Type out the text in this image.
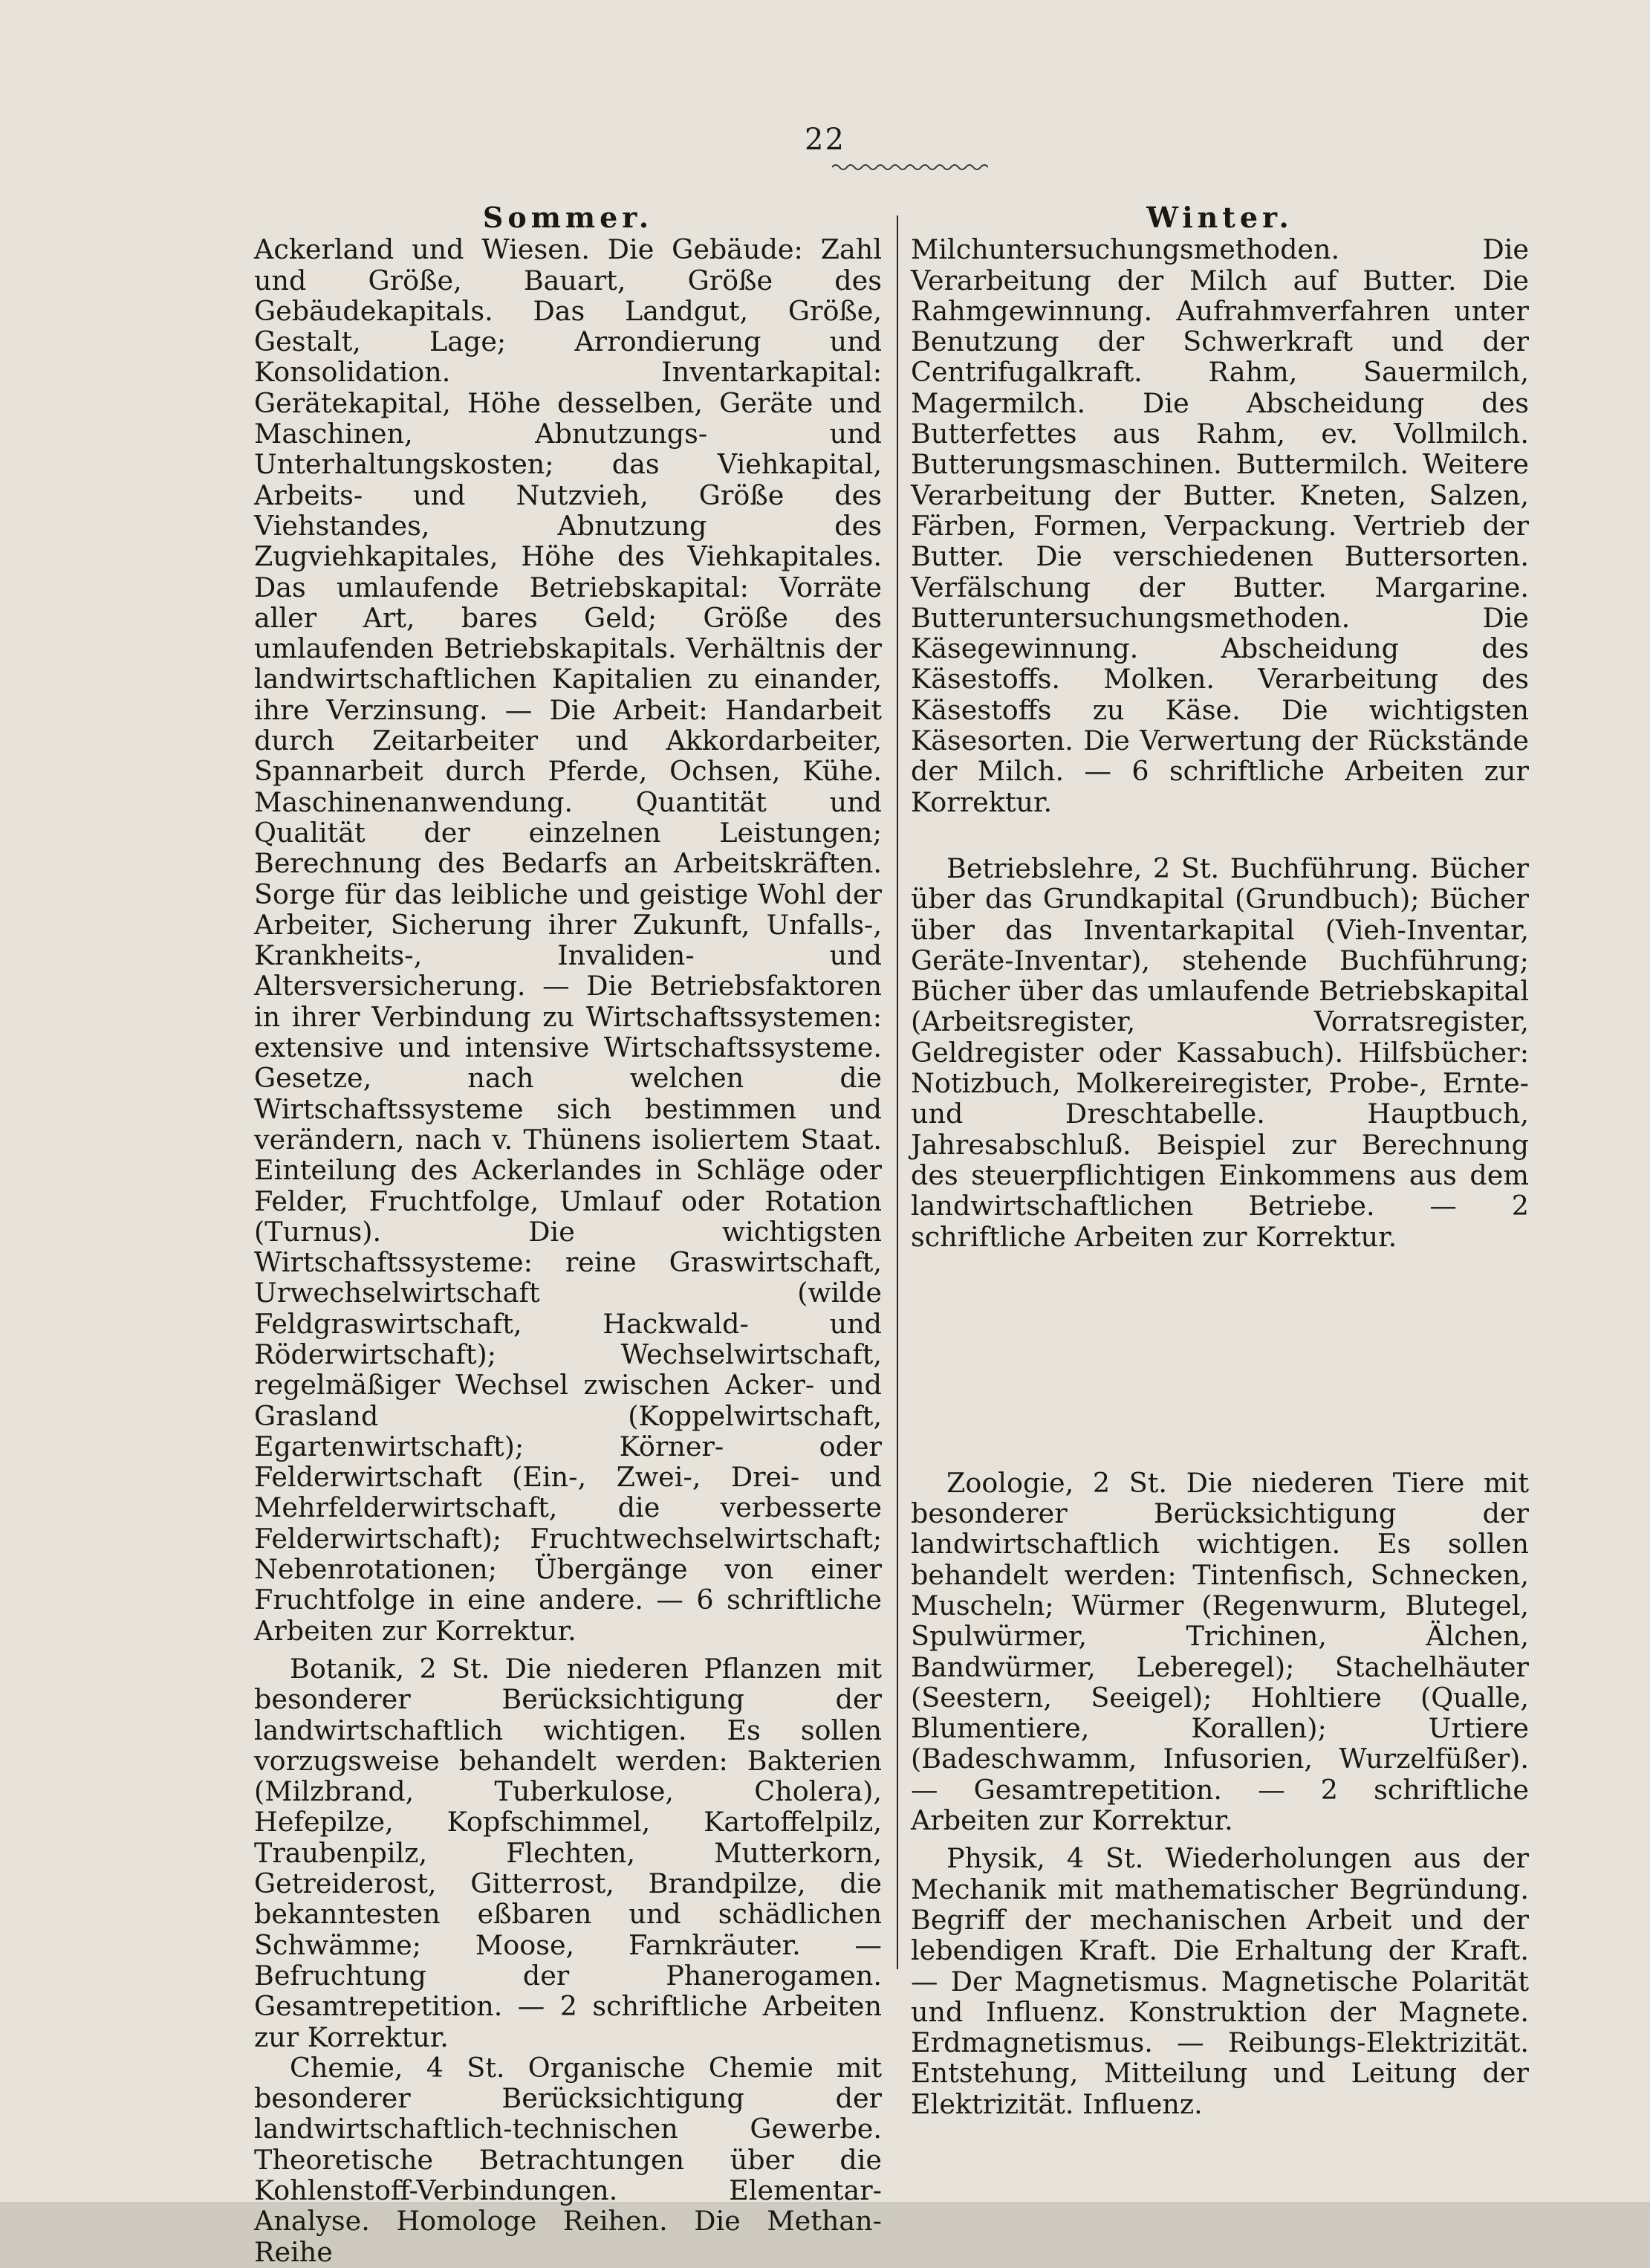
22
Sommer.

Ackerland und Wiesen. Die Gebäude: Zahl und Größe, Bauart, Größe des Gebäudekapitals. Das Landgut, Größe, Gestalt, Lage; Arrondierung und Konsolidation. Inventarkapital: Gerätekapital, Höhe desselben, Geräte und Maschinen, Abnutzungs- und Unterhaltungskosten; das Viehkapital, Arbeits- und Nutzvieh, Größe des Viehstandes, Abnutzung des Zugviehkapitales, Höhe des Viehkapitales. Das umlaufende Betriebskapital: Vorräte aller Art, bares Geld; Größe des umlaufenden Betriebskapitals. Verhältnis der landwirtschaftlichen Kapitalien zu einander, ihre Verzinsung. — Die Arbeit: Handarbeit durch Zeitarbeiter und Akkordarbeiter, Spannarbeit durch Pferde, Ochsen, Kühe. Maschinenanwendung. Quantität und Qualität der einzelnen Leistungen; Berechnung des Bedarfs an Arbeitskräften. Sorge für das leibliche und geistige Wohl der Arbeiter, Sicherung ihrer Zukunft, Unfalls-, Krankheits-, Invaliden- und Altersversicherung. — Die Betriebsfaktoren in ihrer Verbindung zu Wirtschaftssystemen: extensive und intensive Wirtschaftssysteme. Gesetze, nach welchen die Wirtschaftssysteme sich bestimmen und verändern, nach v. Thünens isoliertem Staat. Einteilung des Ackerlandes in Schläge oder Felder, Fruchtfolge, Umlauf oder Rotation (Turnus). Die wichtigsten Wirtschaftssysteme: reine Graswirtschaft, Urwechselwirtschaft (wilde Feldgraswirtschaft, Hackwald- und Röderwirtschaft); Wechselwirtschaft, regelmäßiger Wechsel zwischen Acker- und Grasland (Koppelwirtschaft, Egartenwirtschaft); Körner- oder Felderwirtschaft (Ein-, Zwei-, Drei- und Mehrfelderwirtschaft, die verbesserte Felderwirtschaft); Fruchtwechselwirtschaft; Nebenrotationen; Übergänge von einer Fruchtfolge in eine andere. — 6 schriftliche Arbeiten zur Korrektur.

Botanik, 2 St. Die niederen Pflanzen mit besonderer Berücksichtigung der landwirtschaftlich wichtigen. Es sollen vorzugsweise behandelt werden: Bakterien (Milzbrand, Tuberkulose, Cholera), Hefepilze, Kopfschimmel, Kartoffelpilz, Traubenpilz, Flechten, Mutterkorn, Getreiderost, Gitterrost, Brandpilze, die bekanntesten eßbaren und schädlichen Schwämme; Moose, Farnkräuter. — Befruchtung der Phanerogamen. Gesamtrepetition. — 2 schriftliche Arbeiten zur Korrektur.

Chemie, 4 St. Organische Chemie mit besonderer Berücksichtigung der landwirtschaftlich-technischen Gewerbe. Theoretische Betrachtungen über die Kohlenstoff-Verbindungen. Elementar-Analyse. Homologe Reihen. Die Methan-Reihe

Winter.

Milchuntersuchungsmethoden. Die Verarbeitung der Milch auf Butter. Die Rahmgewinnung. Aufrahmverfahren unter Benutzung der Schwerkraft und der Centrifugalkraft. Rahm, Sauermilch, Magermilch. Die Abscheidung des Butterfettes aus Rahm, ev. Vollmilch. Butterungsmaschinen. Buttermilch. Weitere Verarbeitung der Butter. Kneten, Salzen, Färben, Formen, Verpackung. Vertrieb der Butter. Die verschiedenen Buttersorten. Verfälschung der Butter. Margarine. Butteruntersuchungsmethoden. Die Käsegewinnung. Abscheidung des Käsestoffs. Molken. Verarbeitung des Käsestoffs zu Käse. Die wichtigsten Käsesorten. Die Verwertung der Rückstände der Milch. — 6 schriftliche Arbeiten zur Korrektur.

Betriebslehre, 2 St. Buchführung. Bücher über das Grundkapital (Grundbuch); Bücher über das Inventarkapital (Vieh-Inventar, Geräte-Inventar), stehende Buchführung; Bücher über das umlaufende Betriebskapital (Arbeitsregister, Vorratsregister, Geldregister oder Kassabuch). Hilfsbücher: Notizbuch, Molkereiregister, Probe-, Ernte- und Dreschtabelle. Hauptbuch, Jahresabschluß. Beispiel zur Berechnung des steuerpflichtigen Einkommens aus dem landwirtschaftlichen Betriebe. — 2 schriftliche Arbeiten zur Korrektur.

Zoologie, 2 St. Die niederen Tiere mit besonderer Berücksichtigung der landwirtschaftlich wichtigen. Es sollen behandelt werden: Tintenfisch, Schnecken, Muscheln; Würmer (Regenwurm, Blutegel, Spulwürmer, Trichinen, Älchen, Bandwürmer, Leberegel); Stachelhäuter (Seestern, Seeigel); Hohltiere (Qualle, Blumentiere, Korallen); Urtiere (Badeschwamm, Infusorien, Wurzelfüßer). — Gesamtrepetition. — 2 schriftliche Arbeiten zur Korrektur.

Physik, 4 St. Wiederholungen aus der Mechanik mit mathematischer Begründung. Begriff der mechanischen Arbeit und der lebendigen Kraft. Die Erhaltung der Kraft. — Der Magnetismus. Magnetische Polarität und Influenz. Konstruktion der Magnete. Erdmagnetismus. — Reibungs-Elektrizität. Entstehung, Mitteilung und Leitung der Elektrizität. Influenz.
